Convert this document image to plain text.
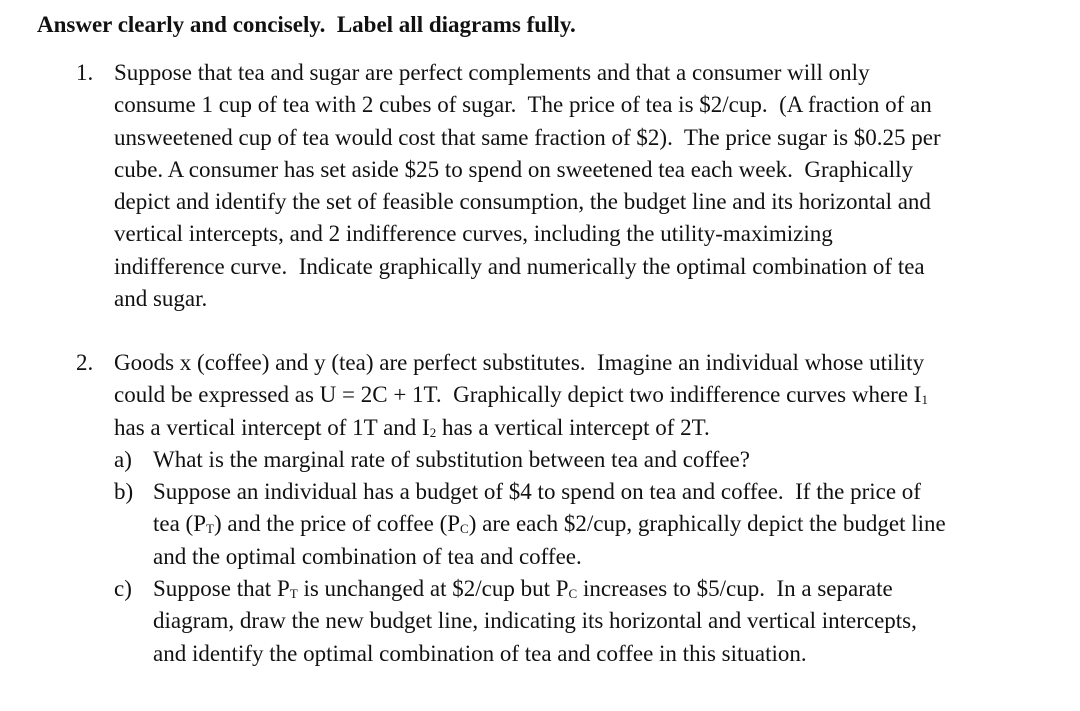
Answer clearly and concisely.  Label all diagrams fully.
1. Suppose that tea and sugar are perfect complements and that a consumer will only
consume 1 cup of tea with 2 cubes of sugar.  The price of tea is $2/cup.  (A fraction of an
unsweetened cup of tea would cost that same fraction of $2).  The price sugar is $0.25 per
cube. A consumer has set aside $25 to spend on sweetened tea each week.  Graphically
depict and identify the set of feasible consumption, the budget line and its horizontal and
vertical intercepts, and 2 indifference curves, including the utility-maximizing
indifference curve.  Indicate graphically and numerically the optimal combination of tea
and sugar.
2. Goods x (coffee) and y (tea) are perfect substitutes.  Imagine an individual whose utility
could be expressed as U = 2C + 1T.  Graphically depict two indifference curves where $I_1$
has a vertical intercept of 1T and $I_2$ has a vertical intercept of 2T.
a) What is the marginal rate of substitution between tea and coffee?
b) Suppose an individual has a budget of $4 to spend on tea and coffee.  If the price of
tea $(P_T)$ and the price of coffee $(P_C)$ are each $2/cup, graphically depict the budget line
and the optimal combination of tea and coffee.
c) Suppose that $P_T$ is unchanged at $2/cup but $P_C$ increases to $5/cup.  In a separate
diagram, draw the new budget line, indicating its horizontal and vertical intercepts,
and identify the optimal combination of tea and coffee in this situation.
